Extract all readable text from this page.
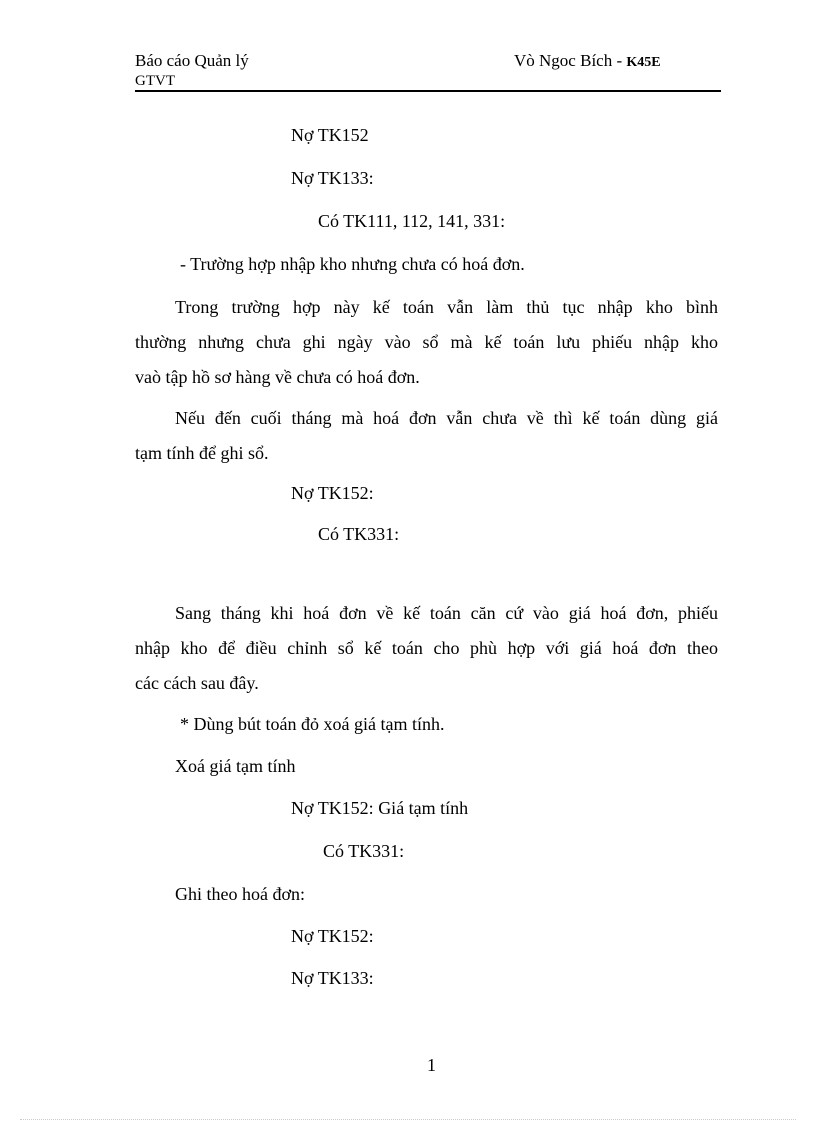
Báo cáo Quản lý
GTVT
Vò Ngoc Bích - K45E
Nợ TK152
Nợ TK133:
Có TK111, 112, 141, 331:
- Trường hợp nhập kho nhưng chưa có hoá đơn.
Trong trường hợp này kế toán vẫn làm thủ tục nhập kho bình
thường nhưng chưa ghi ngày vào sổ mà kế toán lưu phiếu nhập kho
vaò tập hồ sơ hàng về chưa có hoá đơn.
Nếu đến cuối tháng mà hoá đơn vẫn chưa về thì kế toán dùng giá
tạm tính để ghi sổ.
Nợ TK152:
Có TK331:
Sang tháng khi hoá đơn về kế toán căn cứ vào giá hoá đơn, phiếu
nhập kho để điều chỉnh sổ kế toán cho phù hợp với giá hoá đơn theo
các cách sau đây.
* Dùng bút toán đỏ xoá giá tạm tính.
Xoá giá tạm tính
Nợ TK152: Giá tạm tính
Có TK331:
Ghi theo hoá đơn:
Nợ TK152:
Nợ TK133:
1
